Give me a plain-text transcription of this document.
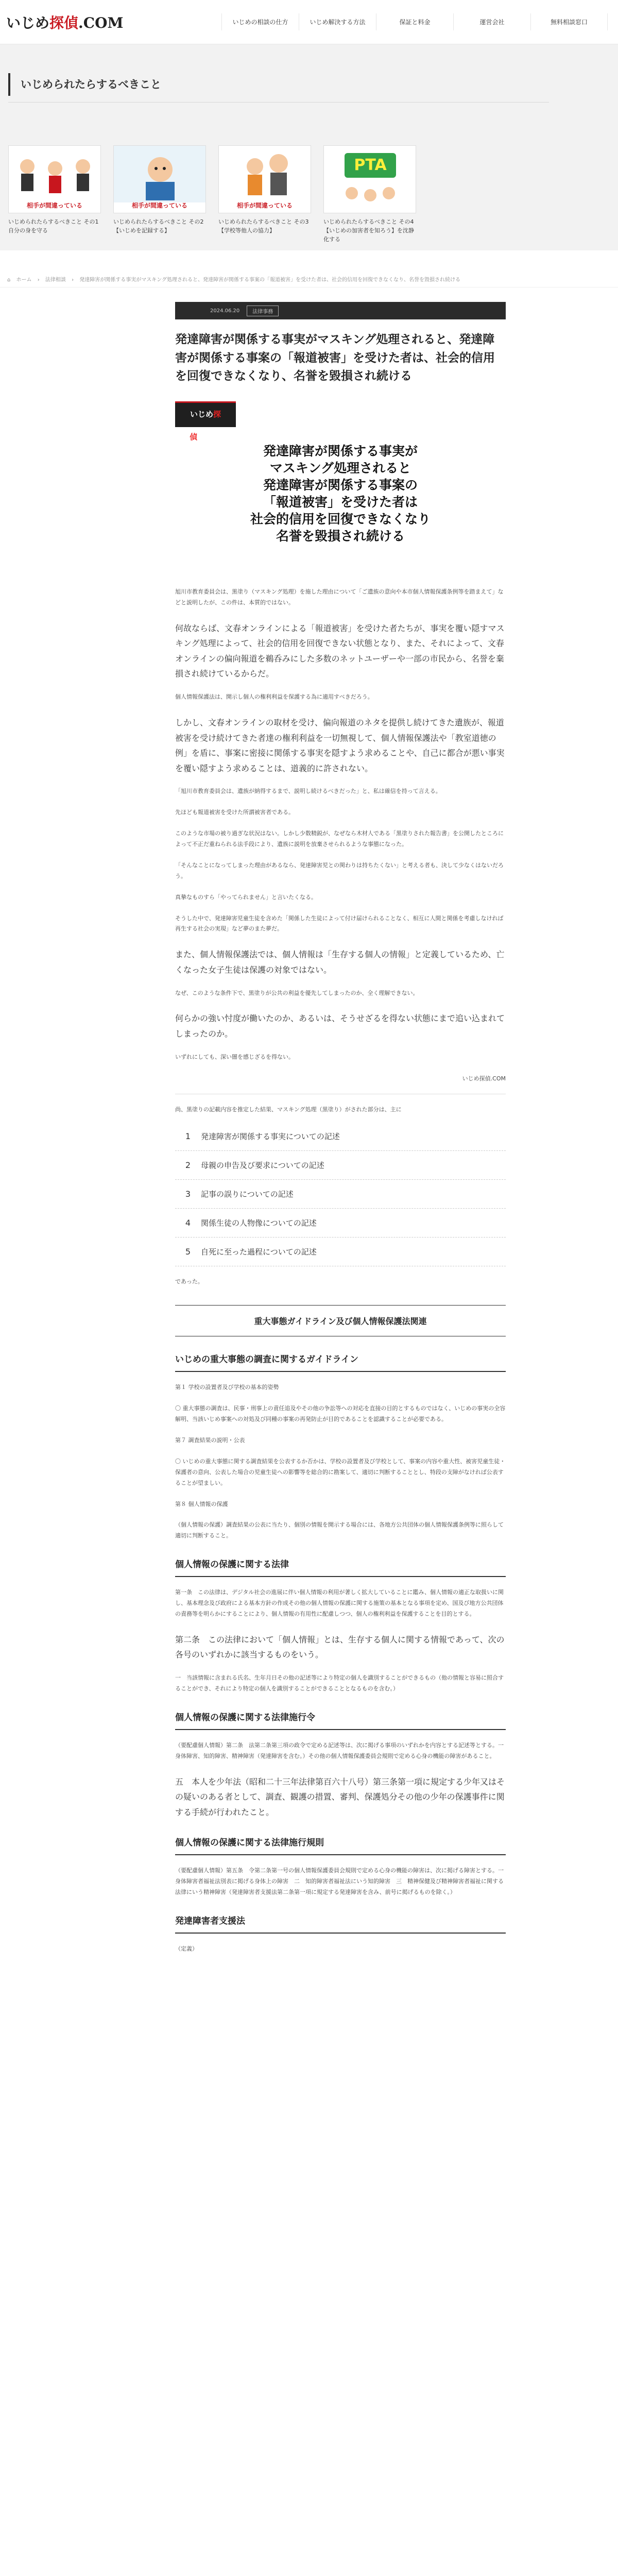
いじめ探偵.COM	いじめの相談の仕方	いじめ解決する方法	保証と料金	運営会社	無料相談窓口
いじめられたらするべきこと
相手が間違っている
いじめられたらするべきこと その1 自分の身を守る
相手が間違っている
いじめられたらするべきこと その2 【いじめを記録する】
相手が間違っている
いじめられたらするべきこと その3 【学校等他人の協力】
PTA
いじめられたらするべきこと その4 【いじめの加害者を知ろう】を沈静化する
⌂ ホーム › 法律相談 › 発達障害が関係する事実がマスキング処理されると、発達障害が関係する事案の「報道被害」を受けた者は、社会的信用を回復できなくなり、名誉を毀損され続ける
2024.06.20	法律事務
発達障害が関係する事実がマスキング処理されると、発達障害が関係する事案の「報道被害」を受けた者は、社会的信用を回復できなくなり、名誉を毀損され続ける
いじめ探偵.COM
発達障害が関係する事実が
マスキング処理されると
発達障害が関係する事案の
「報道被害」を受けた者は
社会的信用を回復できなくなり
名誉を毀損され続ける

旭川市教育委員会は、黒塗り（マスキング処理）を施した理由について「ご遺族の意向や本市個人情報保護条例等を踏まえて」などと説明したが、この件は、本質的ではない。

何故ならば、文春オンラインによる「報道被害」を受けた者たちが、事実を覆い隠すマスキング処理によって、社会的信用を回復できない状態となり、また、それによって、文春オンラインの偏向報道を鵜呑みにした多数のネットユーザーや一部の市民から、名誉を棄損され続けているからだ。

個人情報保護法は、開示し個人の権利利益を保護する為に適用すべきだろう。

しかし、文春オンラインの取材を受け、偏向報道のネタを提供し続けてきた遺族が、報道被害を受け続けてきた者達の権利利益を一切無視して、個人情報保護法や「教室道徳の例」を盾に、事案に密接に関係する事実を隠すよう求めることや、自己に都合が悪い事実を覆い隠すよう求めることは、道義的に許されない。

「旭川市教育委員会は、遺族が納得するまで、説明し続けるべきだった」と、私は確信を持って言える。

先ほども報道被害を受けた所謂被害者である。

このような市場の被り過ぎな状況はない。しかし少数精鋭が、なぜなら木材人である「黒塗りされた報告書」を公開したところによって不正だ重ねられる法手段により、遺族に説明を放棄させられるような事態になった。

「そんなことになってしまった理由があるなら、発達障害児との関わりは持ちたくない」と考える者も、決して少なくはないだろう。

真摯なものすら「やってられません」と言いたくなる。

そうした中で、発達障害児童生徒を含めた「関係した生徒によって付け届けられることなく、相互に人間と関係を考慮しなければ再生する社会の実現」など夢のまた夢だ。

また、個人情報保護法では、個人情報は「生存する個人の情報」と定義しているため、亡くなった女子生徒は保護の対象ではない。

なぜ、このような条件下で、黒塗りが公共の利益を優先してしまったのか、全く理解できない。

何らかの強い忖度が働いたのか、あるいは、そうせざるを得ない状態にまで追い込まれてしまったのか。

いずれにしても、深い闇を感じざるを得ない。

いじめ探偵.COM

尚、黒塗りの記載内容を推定した結果、マスキング処理（黒塗り）がされた部分は、主に

1	発達障害が関係する事実についての記述
2	母親の申告及び要求についての記述
3	記事の誤りについての記述
4	関係生徒の人物像についての記述
5	自死に至った過程についての記述

であった。

重大事態ガイドライン及び個人情報保護法関連
いじめの重大事態の調査に関するガイドライン

第１ 学校の設置者及び学校の基本的姿勢

〇 重大事態の調査は、民事・刑事上の責任追及やその他の争訟等への対応を直接の目的とするものではなく、いじめの事実の全容解明、当該いじめ事案への対処及び同種の事案の再発防止が目的であることを認識することが必要である。

第７ 調査結果の説明・公表

〇 いじめの重大事態に関する調査結果を公表するか否かは、学校の設置者及び学校として、事案の内容や重大性、被害児童生徒・保護者の意向、公表した場合の児童生徒への影響等を総合的に勘案して、適切に判断することとし、特段の支障がなければ公表することが望ましい。

第８ 個人情報の保護

（個人情報の保護）調査結果の公表に当たり、個別の情報を開示する場合には、各地方公共団体の個人情報保護条例等に照らして適切に判断すること。

個人情報の保護に関する法律

第一条　この法律は、デジタル社会の進展に伴い個人情報の利用が著しく拡大していることに鑑み、個人情報の適正な取扱いに関し、基本理念及び政府による基本方針の作成その他の個人情報の保護に関する施策の基本となる事項を定め、国及び地方公共団体の責務等を明らかにすることにより、個人情報の有用性に配慮しつつ、個人の権利利益を保護することを目的とする。

第二条　この法律において「個人情報」とは、生存する個人に関する情報であって、次の各号のいずれかに該当するものをいう。

一　当該情報に含まれる氏名、生年月日その他の記述等により特定の個人を識別することができるもの（他の情報と容易に照合することができ、それにより特定の個人を識別することができることとなるものを含む。）

個人情報の保護に関する法律施行令

（要配慮個人情報）第二条　法第二条第三項の政令で定める記述等は、次に掲げる事項のいずれかを内容とする記述等とする。一　身体障害、知的障害、精神障害（発達障害を含む。）その他の個人情報保護委員会規則で定める心身の機能の障害があること。

五　本人を少年法（昭和二十三年法律第百六十八号）第三条第一項に規定する少年又はその疑いのある者として、調査、観護の措置、審判、保護処分その他の少年の保護事件に関する手続が行われたこと。

個人情報の保護に関する法律施行規則

（要配慮個人情報）第五条　令第二条第一号の個人情報保護委員会規則で定める心身の機能の障害は、次に掲げる障害とする。一　身体障害者福祉法別表に掲げる身体上の障害　二　知的障害者福祉法にいう知的障害　三　精神保健及び精神障害者福祉に関する法律にいう精神障害（発達障害者支援法第二条第一項に規定する発達障害を含み、前号に掲げるものを除く。）

発達障害者支援法

（定義）
